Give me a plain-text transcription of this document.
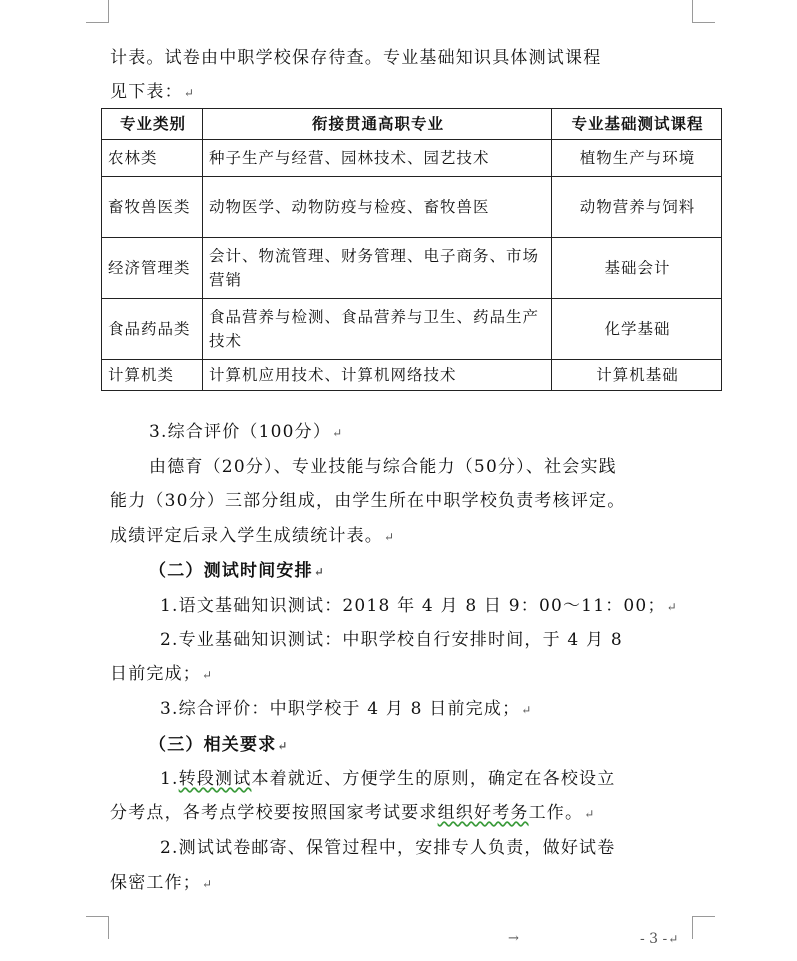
计表。试卷由中职学校保存待查。专业基础知识具体测试课程
见下表：↵
专业类别	衔接贯通高职专业	专业基础测试课程
农林类	种子生产与经营、园林技术、园艺技术	植物生产与环境
畜牧兽医类	动物医学、动物防疫与检疫、畜牧兽医	动物营养与饲料
经济管理类	会计、物流管理、财务管理、电子商务、市场营销	基础会计
食品药品类	食品营养与检测、食品营养与卫生、药品生产技术	化学基础
计算机类	计算机应用技术、计算机网络技术	计算机基础
3.综合评价（100分）↵
由德育（20分）、专业技能与综合能力（50分）、社会实践
能力（30分）三部分组成，由学生所在中职学校负责考核评定。
成绩评定后录入学生成绩统计表。↵
（二）测试时间安排↵
1.语文基础知识测试：2018 年 4 月 8 日 9：00～11：00；↵
2.专业基础知识测试：中职学校自行安排时间，于 4 月 8
日前完成；↵
3.综合评价：中职学校于 4 月 8 日前完成；↵
（三）相关要求↵
1.转段测试本着就近、方便学生的原则，确定在各校设立
分考点，各考点学校要按照国家考试要求组织好考务工作。↵
2.测试试卷邮寄、保管过程中，安排专人负责，做好试卷
保密工作；↵
→	- 3 -↵
